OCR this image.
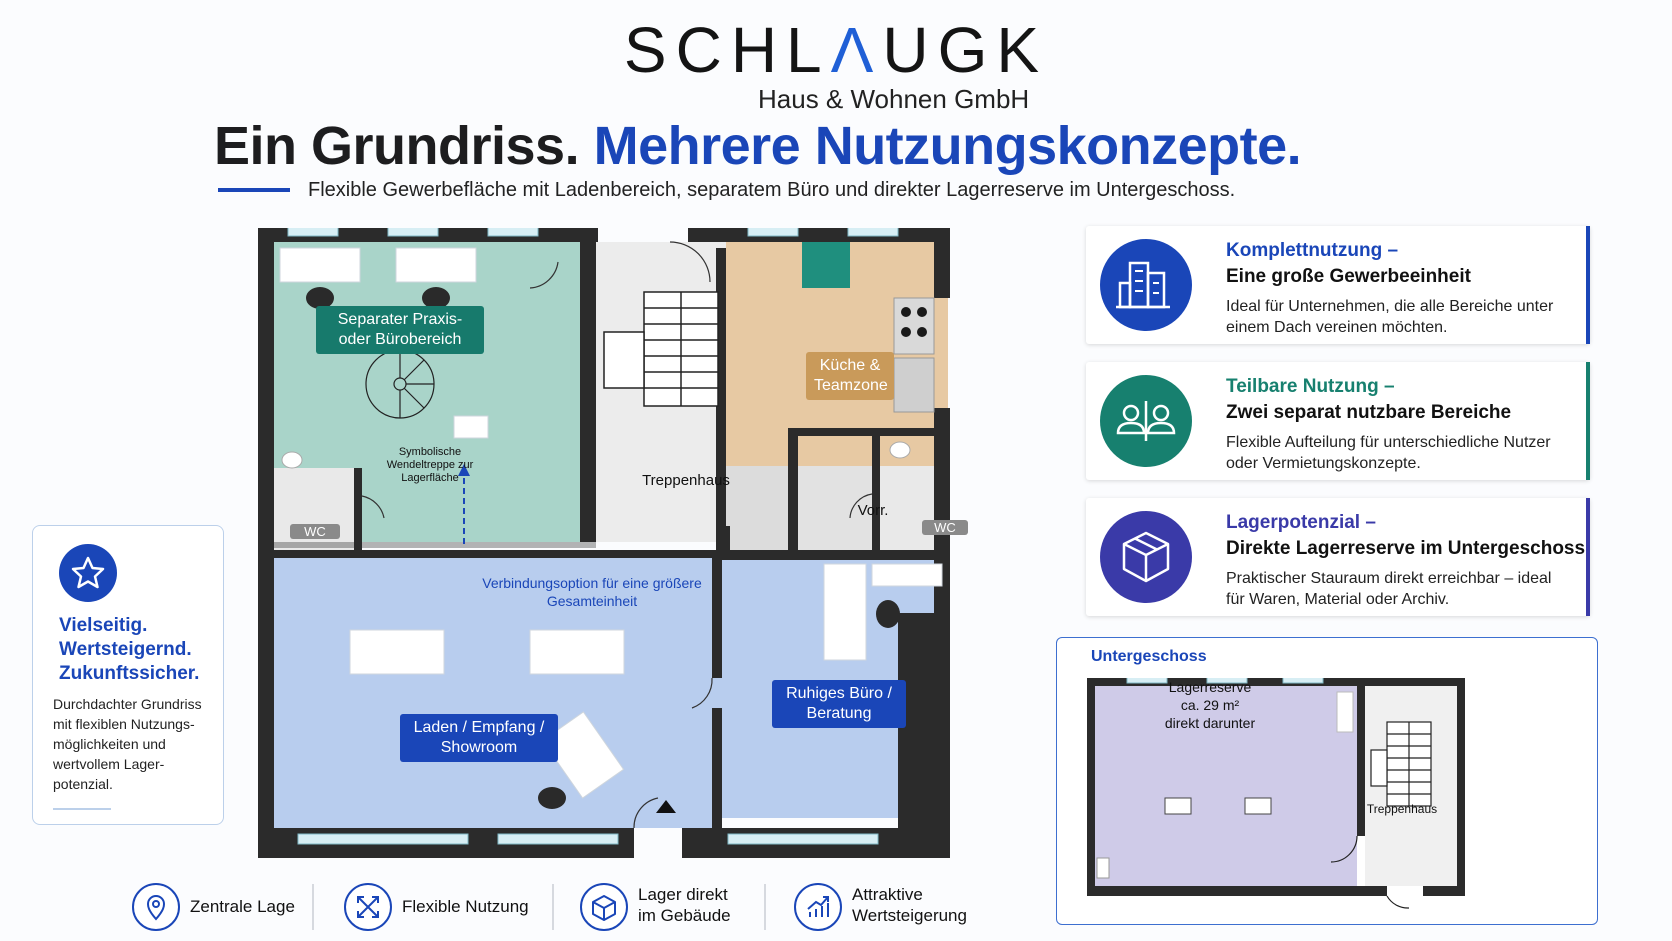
SCHLΛUGK
Haus & Wohnen GmbH
Ein Grundriss. Mehrere Nutzungskonzepte.
Flexible Gewerbefläche mit Ladenbereich, separatem Büro und direkter Lagerreserve im Untergeschoss.
Separater Praxis- oder Bürobereich
Symbolische Wendeltreppe zur Lagerfläche	Treppenhaus
Küche & Teamzone
Vorr.
WC	WC
Verbindungsoption für eine größere Gesamteinheit
Laden / Empfang / Showroom
Ruhiges Büro / Beratung
Vielseitig.
Wertsteigernd.
Zukunftssicher.
Durchdachter Grundriss mit flexiblen Nutzungs-möglichkeiten und wertvollem Lager-potenzial.
Komplettnutzung –
Eine große Gewerbeeinheit
Ideal für Unternehmen, die alle Bereiche unter einem Dach vereinen möchten.
Teilbare Nutzung –
Zwei separat nutzbare Bereiche
Flexible Aufteilung für unterschiedliche Nutzer oder Vermietungskonzepte.
Lagerpotenzial –
Direkte Lagerreserve im Untergeschoss
Praktischer Stauraum direkt erreichbar – ideal für Waren, Material oder Archiv.
Untergeschoss
Lagerreserve
ca. 29 m²
direkt darunter
Treppenhaus
Zentrale Lage	Flexible Nutzung
Lager direkt
im Gebäude
Attraktive
Wertsteigerung
